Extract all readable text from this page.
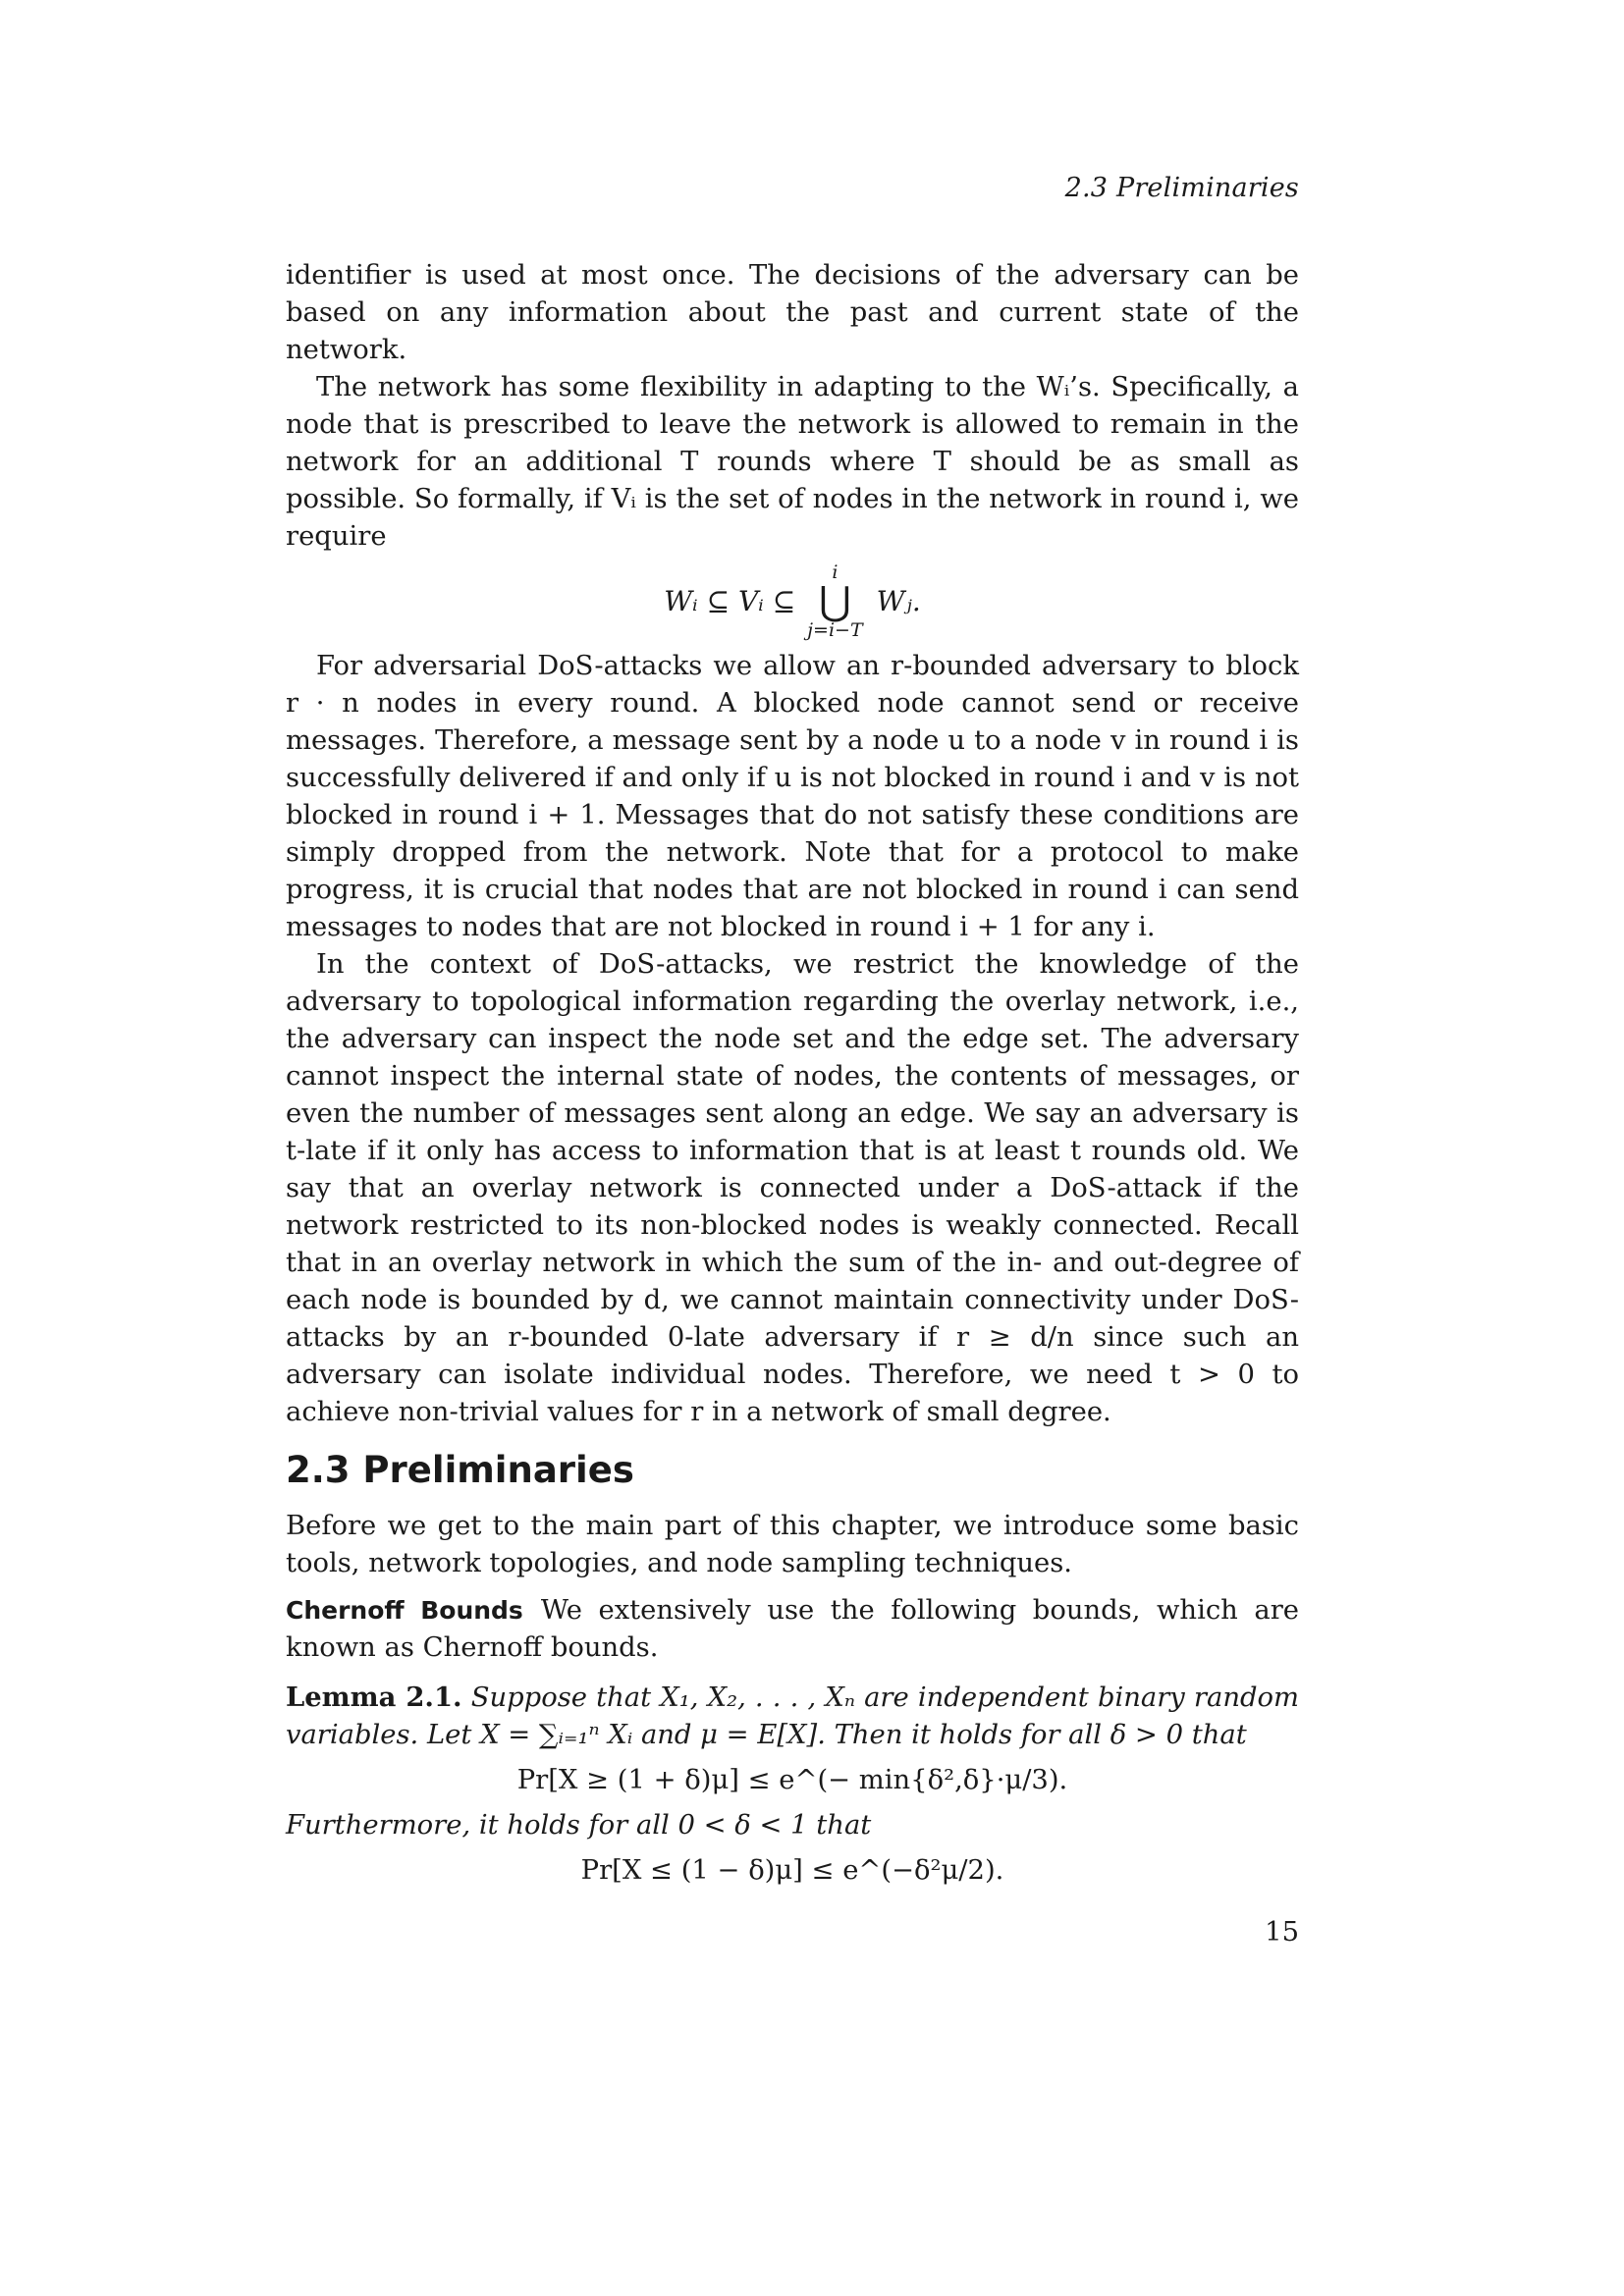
2.3 Preliminaries

identifier is used at most once. The decisions of the adversary can be based on any information about the past and current state of the network.

The network has some flexibility in adapting to the Wᵢ’s. Specifically, a node that is prescribed to leave the network is allowed to remain in the network for an additional T rounds where T should be as small as possible. So formally, if Vᵢ is the set of nodes in the network in round i, we require

Wᵢ ⊆ Vᵢ ⊆
i
⋃
j=i−T
Wⱼ.

For adversarial DoS-attacks we allow an r-bounded adversary to block r · n nodes in every round. A blocked node cannot send or receive messages. Therefore, a message sent by a node u to a node v in round i is successfully delivered if and only if u is not blocked in round i and v is not blocked in round i + 1. Messages that do not satisfy these conditions are simply dropped from the network. Note that for a protocol to make progress, it is crucial that nodes that are not blocked in round i can send messages to nodes that are not blocked in round i + 1 for any i.

In the context of DoS-attacks, we restrict the knowledge of the adversary to topological information regarding the overlay network, i.e., the adversary can inspect the node set and the edge set. The adversary cannot inspect the internal state of nodes, the contents of messages, or even the number of messages sent along an edge. We say an adversary is t-late if it only has access to information that is at least t rounds old. We say that an overlay network is connected under a DoS-attack if the network restricted to its non-blocked nodes is weakly connected. Recall that in an overlay network in which the sum of the in- and out-degree of each node is bounded by d, we cannot maintain connectivity under DoS-attacks by an r-bounded 0-late adversary if r ≥ d/n since such an adversary can isolate individual nodes. Therefore, we need t > 0 to achieve non-trivial values for r in a network of small degree.

2.3 Preliminaries

Before we get to the main part of this chapter, we introduce some basic tools, network topologies, and node sampling techniques.

Chernoff Bounds We extensively use the following bounds, which are known as Chernoff bounds.

Lemma 2.1. Suppose that X₁, X₂, . . . , Xₙ are independent binary random variables. Let X = ∑ᵢ₌₁ⁿ Xᵢ and μ = E[X]. Then it holds for all δ > 0 that

Pr[X ≥ (1 + δ)μ] ≤ e^(− min{δ²,δ}·μ/3).

Furthermore, it holds for all 0 < δ < 1 that

Pr[X ≤ (1 − δ)μ] ≤ e^(−δ²μ/2).
15
